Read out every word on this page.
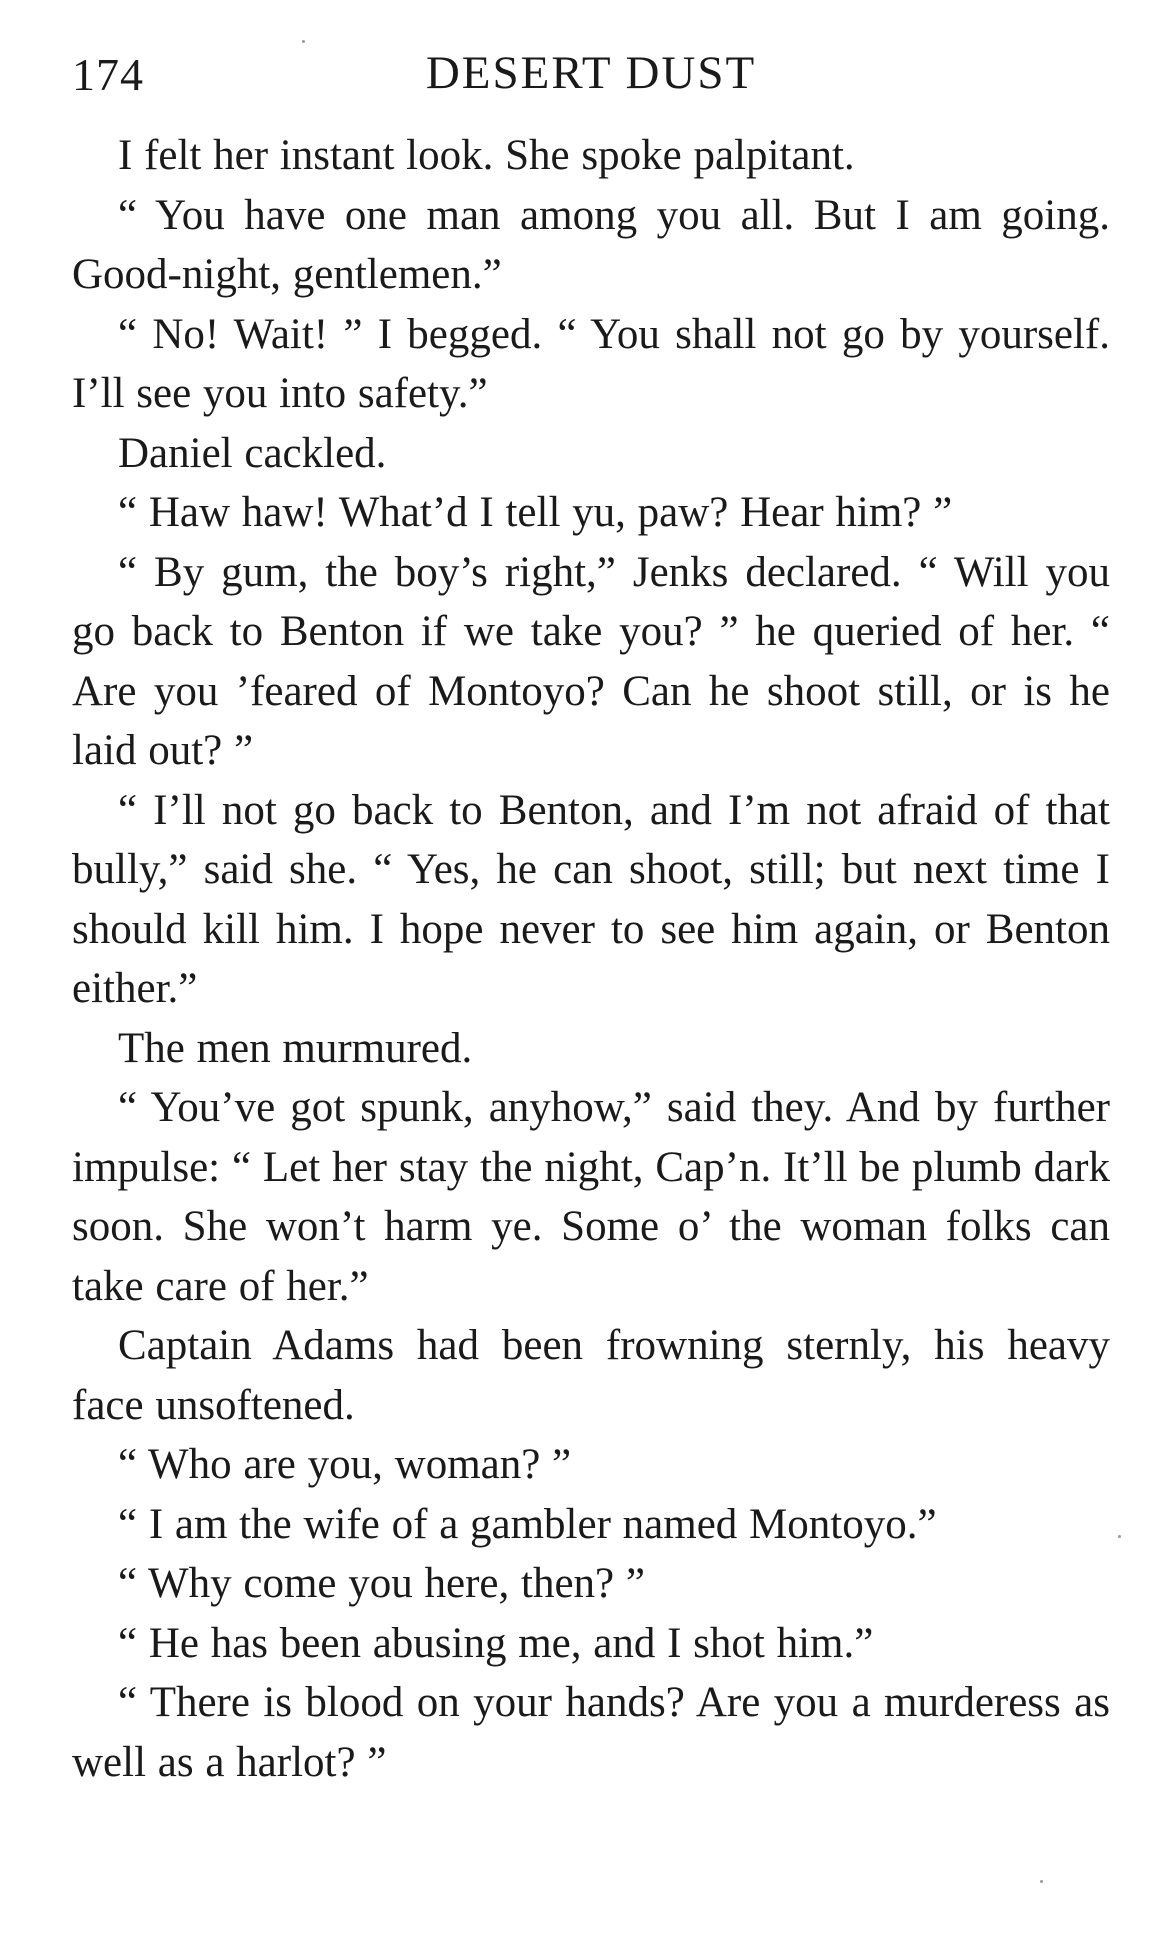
174	DESERT DUST

I felt her instant look. She spoke palpitant.

“ You have one man among you all. But I am going. Good-night, gentlemen.”

“ No! Wait! ” I begged. “ You shall not go by yourself. I’ll see you into safety.”

Daniel cackled.

“ Haw haw! What’d I tell yu, paw? Hear him? ”

“ By gum, the boy’s right,” Jenks declared. “ Will you go back to Benton if we take you? ” he queried of her. “ Are you ’feared of Montoyo? Can he shoot still, or is he laid out? ”

“ I’ll not go back to Benton, and I’m not afraid of that bully,” said she. “ Yes, he can shoot, still; but next time I should kill him. I hope never to see him again, or Benton either.”

The men murmured.

“ You’ve got spunk, anyhow,” said they. And by further impulse: “ Let her stay the night, Cap’n. It’ll be plumb dark soon. She won’t harm ye. Some o’ the woman folks can take care of her.”

Captain Adams had been frowning sternly, his heavy face unsoftened.

“ Who are you, woman? ”

“ I am the wife of a gambler named Montoyo.”

“ Why come you here, then? ”

“ He has been abusing me, and I shot him.”

“ There is blood on your hands? Are you a murderess as well as a harlot? ”
